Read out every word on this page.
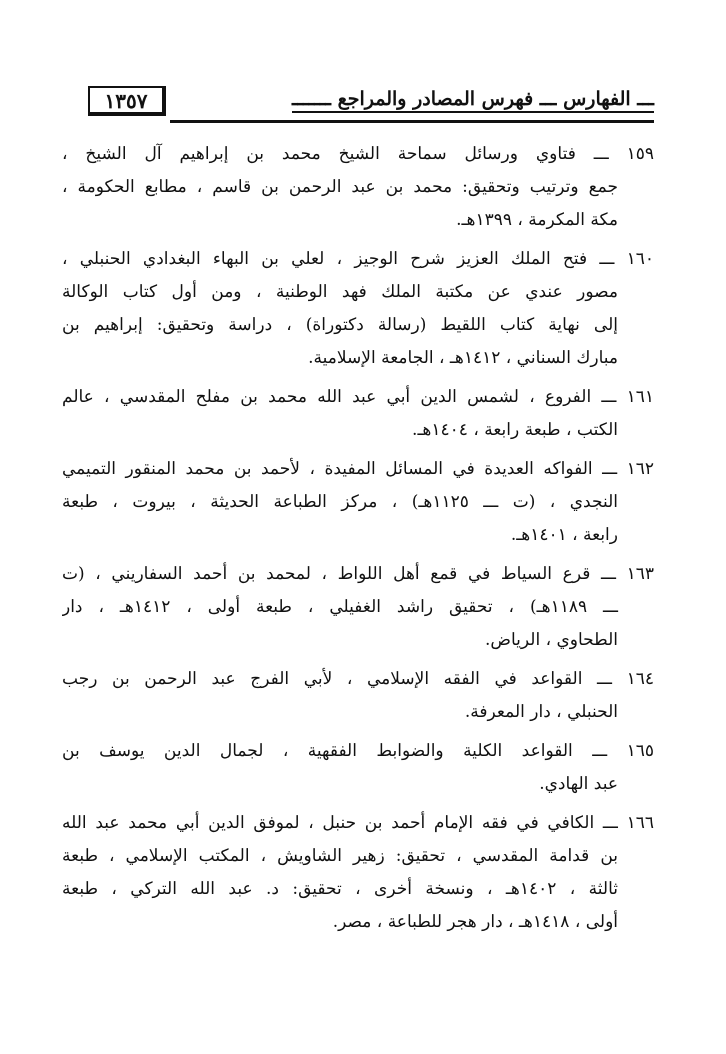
ـــ الفهارس ـــ فهرس المصادر والمراجع ـــــــ
١٣٥٧
١٥٩ ـــ فتاوي ورسائل سماحة الشيخ محمد بن إبراهيم آل الشيخ ،
جمع وترتيب وتحقيق: محمد بن عبد الرحمن بن قاسم ، مطابع الحكومة ،
مكة المكرمة ، ١٣٩٩هـ.
١٦٠ ـــ فتح الملك العزيز شرح الوجيز ، لعلي بن البهاء البغدادي الحنبلي ،
مصور عندي عن مكتبة الملك فهد الوطنية ، ومن أول كتاب الوكالة
إلى نهاية كتاب اللقيط (رسالة دكتوراة) ، دراسة وتحقيق: إبراهيم بن
مبارك السناني ، ١٤١٢هـ ، الجامعة الإسلامية.
١٦١ ـــ الفروع ، لشمس الدين أبي عبد الله محمد بن مفلح المقدسي ، عالم
الكتب ، طبعة رابعة ، ١٤٠٤هـ.
١٦٢ ـــ الفواكه العديدة في المسائل المفيدة ، لأحمد بن محمد المنقور التميمي
النجدي ، (ت ـــ ١١٢٥هـ) ، مركز الطباعة الحديثة ، بيروت ، طبعة
رابعة ، ١٤٠١هـ.
١٦٣ ـــ قرع السياط في قمع أهل اللواط ، لمحمد بن أحمد السفاريني ، (ت
ـــ ١١٨٩هـ) ، تحقيق راشد الغفيلي ، طبعة أولى ، ١٤١٢هـ ، دار
الطحاوي ، الرياض.
١٦٤ ـــ القواعد في الفقه الإسلامي ، لأبي الفرج عبد الرحمن بن رجب
الحنبلي ، دار المعرفة.
١٦٥ ـــ القواعد الكلية والضوابط الفقهية ، لجمال الدين يوسف بن
عبد الهادي.
١٦٦ ـــ الكافي في فقه الإمام أحمد بن حنبل ، لموفق الدين أبي محمد عبد الله
بن قدامة المقدسي ، تحقيق: زهير الشاويش ، المكتب الإسلامي ، طبعة
ثالثة ، ١٤٠٢هـ ، ونسخة أخرى ، تحقيق: د. عبد الله التركي ، طبعة
أولى ، ١٤١٨هـ ، دار هجر للطباعة ، مصر.
